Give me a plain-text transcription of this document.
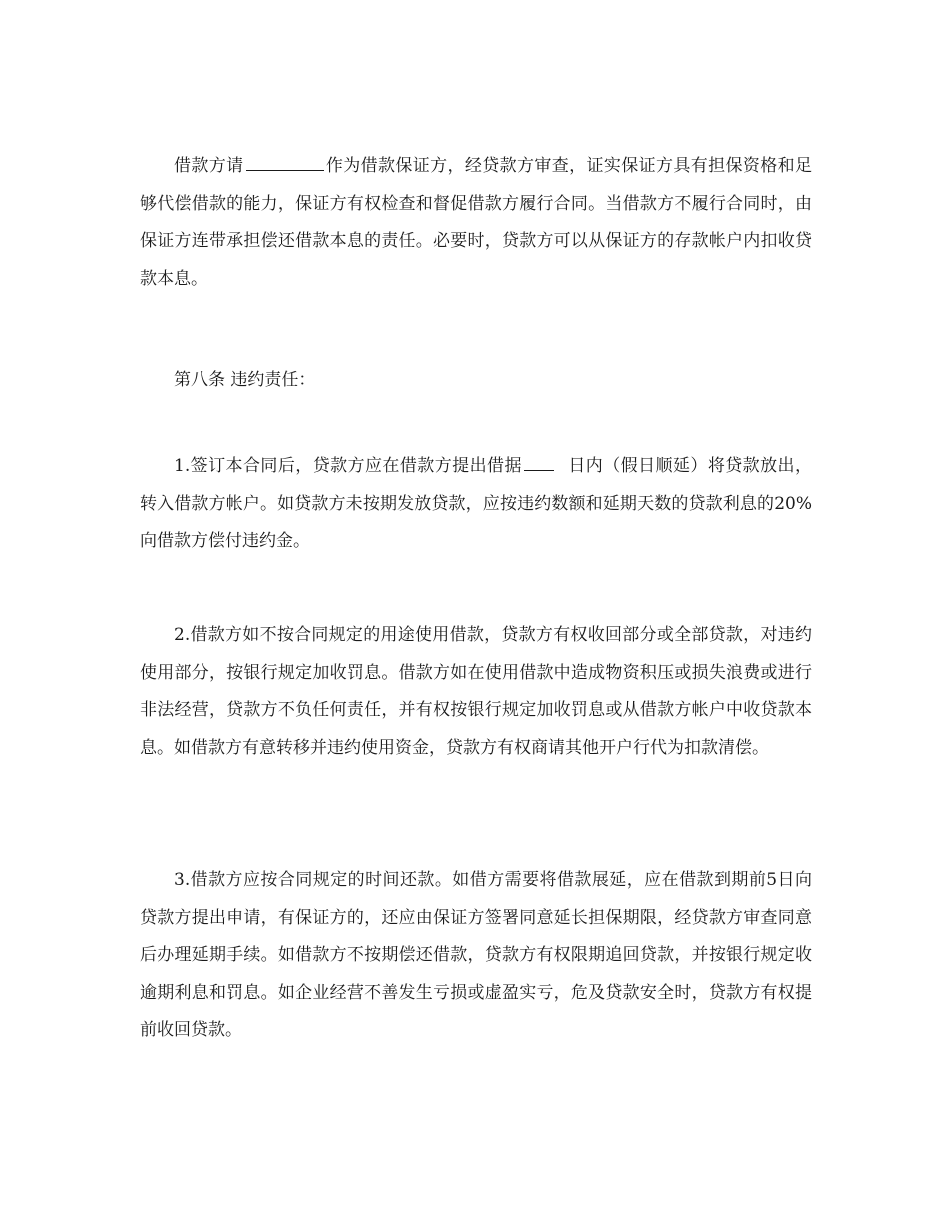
借款方请	作为借款保证方，经贷款方审查，证实保证方具有担保资格和足够代偿借款的能力，保证方有权检查和督促借款方履行合同。当借款方不履行合同时，由保证方连带承担偿还借款本息的责任。必要时，贷款方可以从保证方的存款帐户内扣收贷款本息。

第八条 违约责任：

1.签订本合同后，贷款方应在借款方提出借据	日内（假日顺延）将贷款放出，转入借款方帐户。如贷款方未按期发放贷款，应按违约数额和延期天数的贷款利息的20%向借款方偿付违约金。

2.借款方如不按合同规定的用途使用借款，贷款方有权收回部分或全部贷款，对违约使用部分，按银行规定加收罚息。借款方如在使用借款中造成物资积压或损失浪费或进行非法经营，贷款方不负任何责任，并有权按银行规定加收罚息或从借款方帐户中收贷款本息。如借款方有意转移并违约使用资金，贷款方有权商请其他开户行代为扣款清偿。

3.借款方应按合同规定的时间还款。如借方需要将借款展延，应在借款到期前5日向贷款方提出申请，有保证方的，还应由保证方签署同意延长担保期限，经贷款方审查同意后办理延期手续。如借款方不按期偿还借款，贷款方有权限期追回贷款，并按银行规定收逾期利息和罚息。如企业经营不善发生亏损或虚盈实亏，危及贷款安全时，贷款方有权提前收回贷款。
